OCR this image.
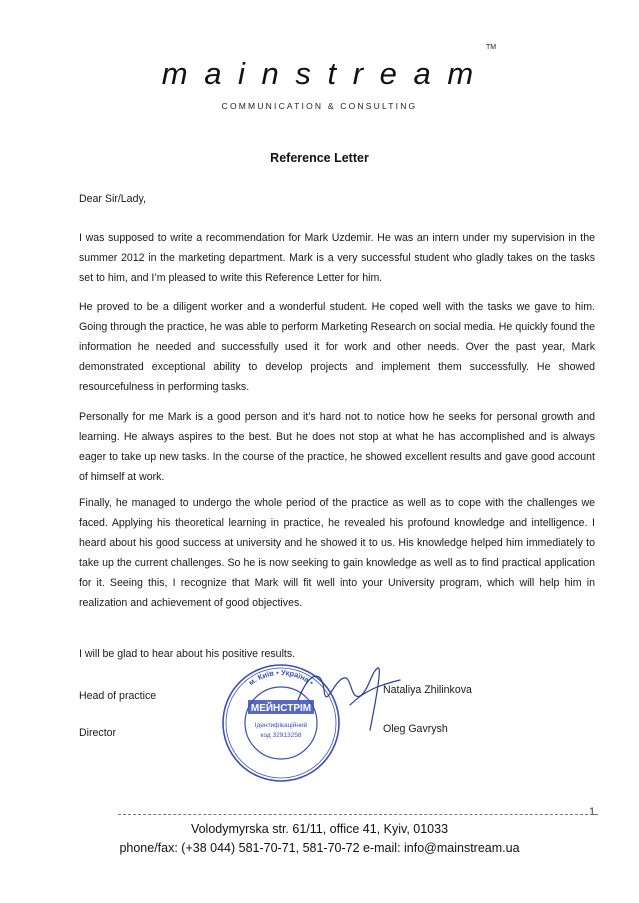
m a i n s t r e a m
TM
COMMUNICATION & CONSULTING
Reference Letter
Dear Sir/Lady,
I was supposed to write a recommendation for Mark Uzdemir. He was an intern under my supervision in the summer 2012 in the marketing department. Mark is a very successful student who gladly takes on the tasks set to him, and I’m pleased to write this Reference Letter for him.
He proved to be a diligent worker and a wonderful student. He coped well with the tasks we gave to him. Going through the practice, he was able to perform Marketing Research on social media. He quickly found the information he needed and successfully used it for work and other needs. Over the past year, Mark demonstrated exceptional ability to develop projects and implement them successfully. He showed resourcefulness in performing tasks.
Personally for me Mark is a good person and it’s hard not to notice how he seeks for personal growth and learning. He always aspires to the best. But he does not stop at what he has accomplished and is always eager to take up new tasks. In the course of the practice, he showed excellent results and gave good account of himself at work.
Finally, he managed to undergo the whole period of the practice as well as to cope with the challenges we faced. Applying his theoretical learning in practice, he revealed his profound knowledge and intelligence. I heard about his good success at university and he showed it to us. His knowledge helped him immediately to take up the current challenges. So he is now seeking to gain knowledge as well as to find practical application for it. Seeing this, I recognize that Mark will fit well into your University program, which will help him in realization and achievement of good objectives.
I will be glad to hear about his positive results.
Head of practice	Nataliya Zhilinkova
Director	Oleg Gavrysh
м. Київ • Україна •
МЕЙНСТРІМ
Ідентифікаційний
код 32913258
1
Volodymyrska str. 61/11, office 41, Kyiv, 01033
phone/fax: (+38 044) 581-70-71, 581-70-72 e-mail: info@mainstream.ua
